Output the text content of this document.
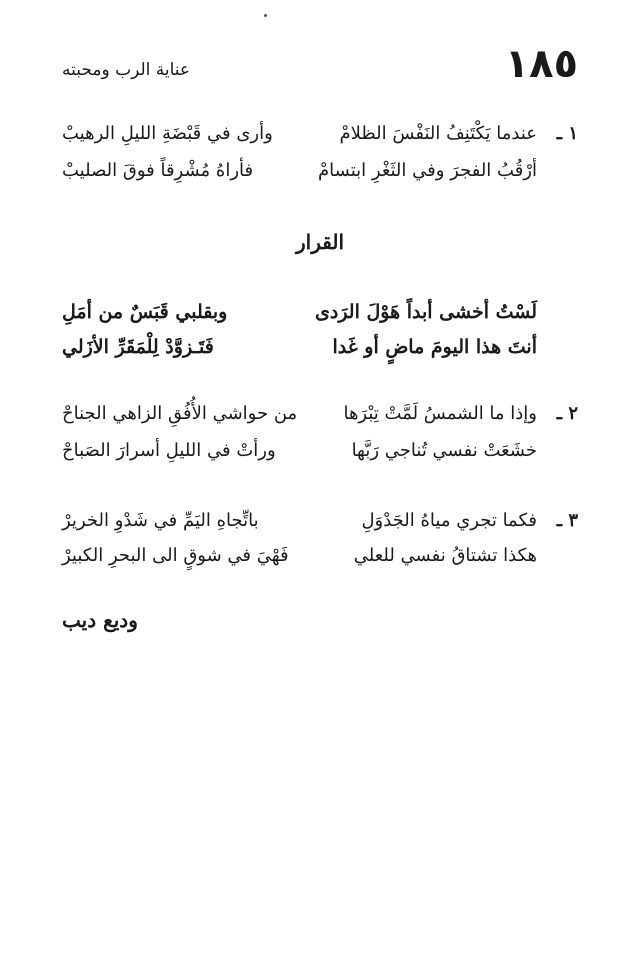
١٨٥
عناية الرب ومحبته
١ ـ
عندما يَكْتَنِفُ النَفْسَ الظلامْ
وأرى في قَبْضَةِ الليلِ الرهيبْ
أرْقُبُ الفجرَ وفي الثَغْرِ ابتسامْ
فأراهُ مُشْرِقاً فوقَ الصليبْ
القرار
لَسْتُ أخشى أبداً هَوْلَ الرَدى
وبقلبي قَبَسٌ من أمَلِ
أنتَ هذا اليومَ ماضٍ أو غَدا
فَتَـزوَّدْ لِلْمَقَرِّ الأزَلي
٢ ـ
وإذا ما الشمسُ لَمَّتْ تِبْرَها
من حواشي الأُفُقِ الزاهي الجناحْ
خشَعَتْ نفسي تُناجي رَبَّها
ورأتْ في الليلِ أسرارَ الصَباحْ
٣ ـ
فكما تجري مياهُ الجَدْوَلِ
باتِّجاهِ اليَمِّ في شَدْوِ الخريرْ
هكذا تشتاقُ نفسي للعلي
فَهْيَ في شوقٍ الى البحرِ الكبيرْ
وديع ديب
